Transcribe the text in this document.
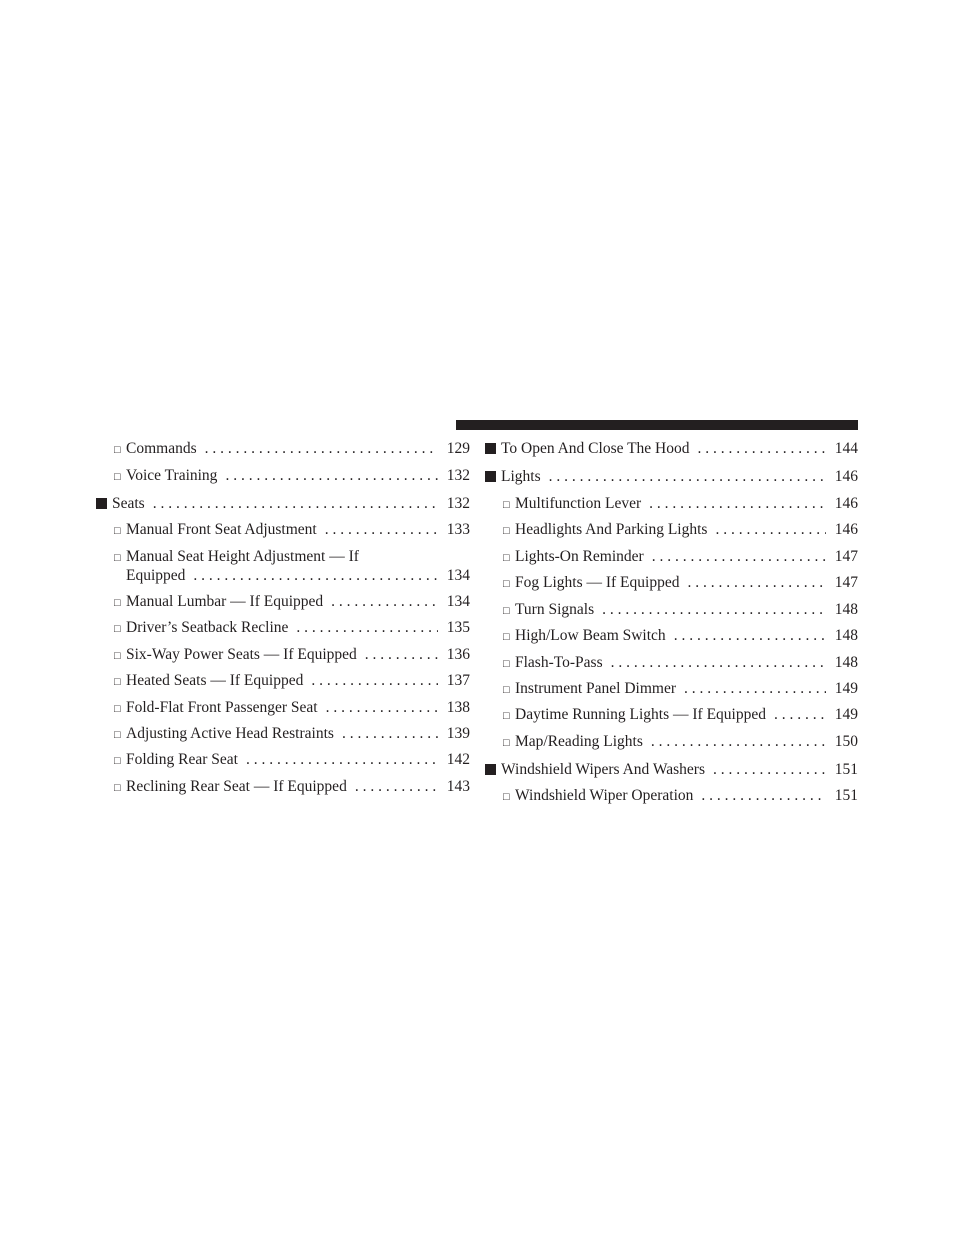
□ Commands . . .	129
□ Voice Training . . .	132
Seats . . .	132
□ Manual Front Seat Adjustment . . .	133
□ Manual Seat Height Adjustment — If
Equipped . . .	134
□ Manual Lumbar — If Equipped . . .	134
□ Driver’s Seatback Recline . . .	135
□ Six-Way Power Seats — If Equipped . . .	136
□ Heated Seats — If Equipped . . .	137
□ Fold-Flat Front Passenger Seat . . .	138
□ Adjusting Active Head Restraints . . .	139
□ Folding Rear Seat . . .	142
□ Reclining Rear Seat — If Equipped . . .	143
To Open And Close The Hood . . .	144
Lights . . .	146
□ Multifunction Lever . . .	146
□ Headlights And Parking Lights . . .	146
□ Lights-On Reminder . . .	147
□ Fog Lights — If Equipped . . .	147
□ Turn Signals . . .	148
□ High/Low Beam Switch . . .	148
□ Flash-To-Pass . . .	148
□ Instrument Panel Dimmer . . .	149
□ Daytime Running Lights — If Equipped . . .	149
□ Map/Reading Lights . . .	150
Windshield Wipers And Washers . . .	151
□ Windshield Wiper Operation . . .	151
